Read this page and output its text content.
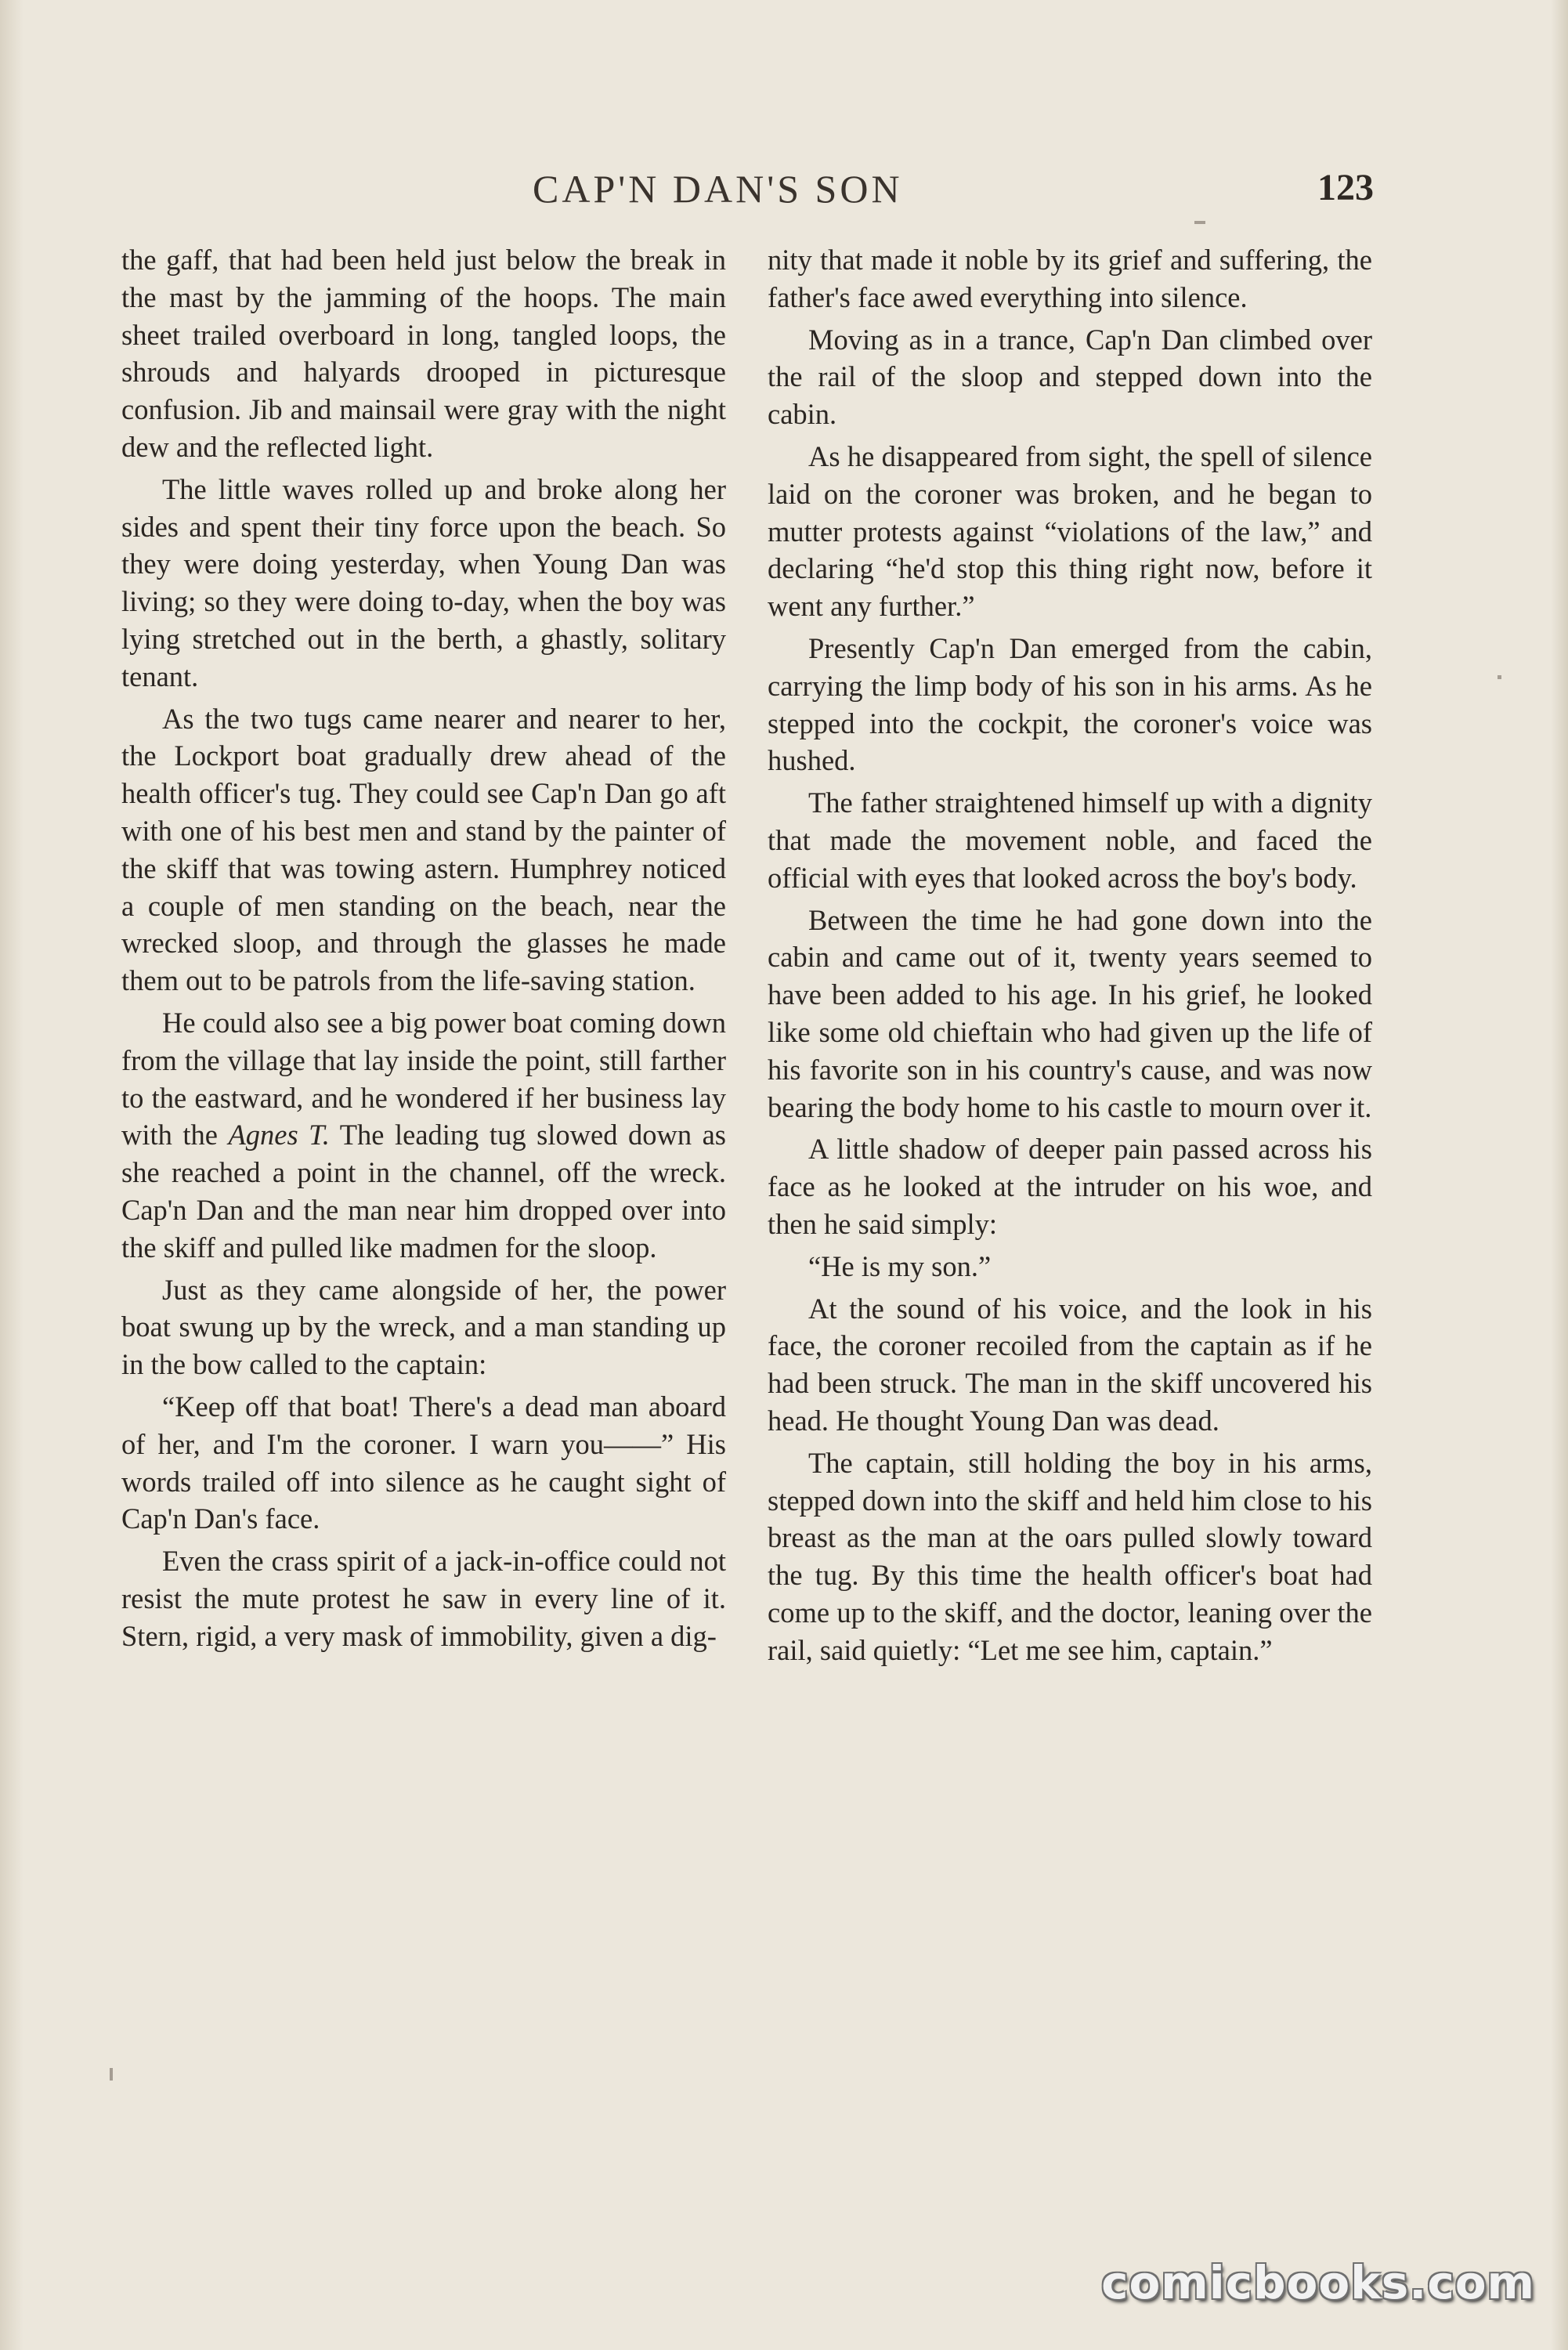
CAP'N DAN'S SON	123

the gaff, that had been held just below the break in the mast by the jamming of the hoops. The main sheet trailed overboard in long, tangled loops, the shrouds and halyards drooped in picturesque confusion. Jib and mainsail were gray with the night dew and the reflected light.

The little waves rolled up and broke along her sides and spent their tiny force upon the beach. So they were doing yesterday, when Young Dan was living; so they were doing to-day, when the boy was lying stretched out in the berth, a ghastly, solitary tenant.

As the two tugs came nearer and nearer to her, the Lockport boat gradually drew ahead of the health officer's tug. They could see Cap'n Dan go aft with one of his best men and stand by the painter of the skiff that was towing astern. Humphrey noticed a couple of men standing on the beach, near the wrecked sloop, and through the glasses he made them out to be patrols from the life-saving station.

He could also see a big power boat coming down from the village that lay inside the point, still farther to the eastward, and he wondered if her business lay with the Agnes T. The leading tug slowed down as she reached a point in the channel, off the wreck. Cap'n Dan and the man near him dropped over into the skiff and pulled like madmen for the sloop.

Just as they came alongside of her, the power boat swung up by the wreck, and a man standing up in the bow called to the captain:

“Keep off that boat! There's a dead man aboard of her, and I'm the coroner. I warn you——” His words trailed off into silence as he caught sight of Cap'n Dan's face.

Even the crass spirit of a jack-in-office could not resist the mute protest he saw in every line of it. Stern, rigid, a very mask of immobility, given a dig-

nity that made it noble by its grief and suffering, the father's face awed everything into silence.

Moving as in a trance, Cap'n Dan climbed over the rail of the sloop and stepped down into the cabin.

As he disappeared from sight, the spell of silence laid on the coroner was broken, and he began to mutter protests against “violations of the law,” and declaring “he'd stop this thing right now, before it went any further.”

Presently Cap'n Dan emerged from the cabin, carrying the limp body of his son in his arms. As he stepped into the cockpit, the coroner's voice was hushed.

The father straightened himself up with a dignity that made the movement noble, and faced the official with eyes that looked across the boy's body.

Between the time he had gone down into the cabin and came out of it, twenty years seemed to have been added to his age. In his grief, he looked like some old chieftain who had given up the life of his favorite son in his country's cause, and was now bearing the body home to his castle to mourn over it.

A little shadow of deeper pain passed across his face as he looked at the intruder on his woe, and then he said simply:

“He is my son.”

At the sound of his voice, and the look in his face, the coroner recoiled from the captain as if he had been struck. The man in the skiff uncovered his head. He thought Young Dan was dead.

The captain, still holding the boy in his arms, stepped down into the skiff and held him close to his breast as the man at the oars pulled slowly toward the tug. By this time the health officer's boat had come up to the skiff, and the doctor, leaning over the rail, said quietly: “Let me see him, captain.”

comicbooks.com
